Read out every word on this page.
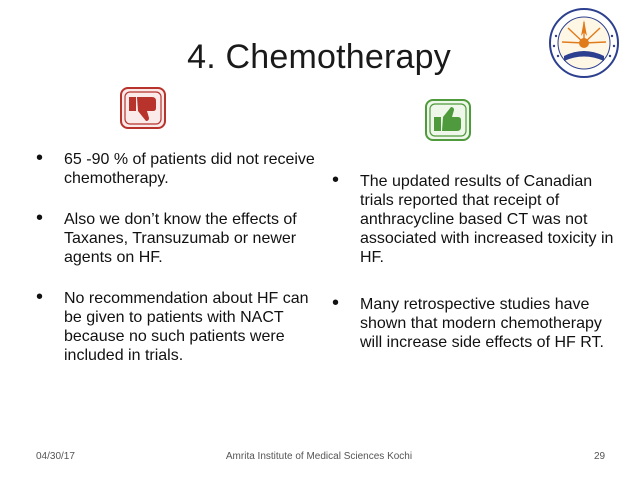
4. Chemotherapy
• 65 -90 % of patients did not receive chemotherapy.
• Also we don’t know the effects of Taxanes, Transuzumab or newer agents on HF.
• No recommendation about HF can be given to patients with NACT because no such patients were included in trials.
• The updated results of Canadian trials reported that receipt of anthracycline based CT was not associated with increased toxicity in HF.
• Many retrospective studies have shown that modern chemotherapy will increase side effects of HF RT.
04/30/17	Amrita Institute of Medical Sciences Kochi	29
